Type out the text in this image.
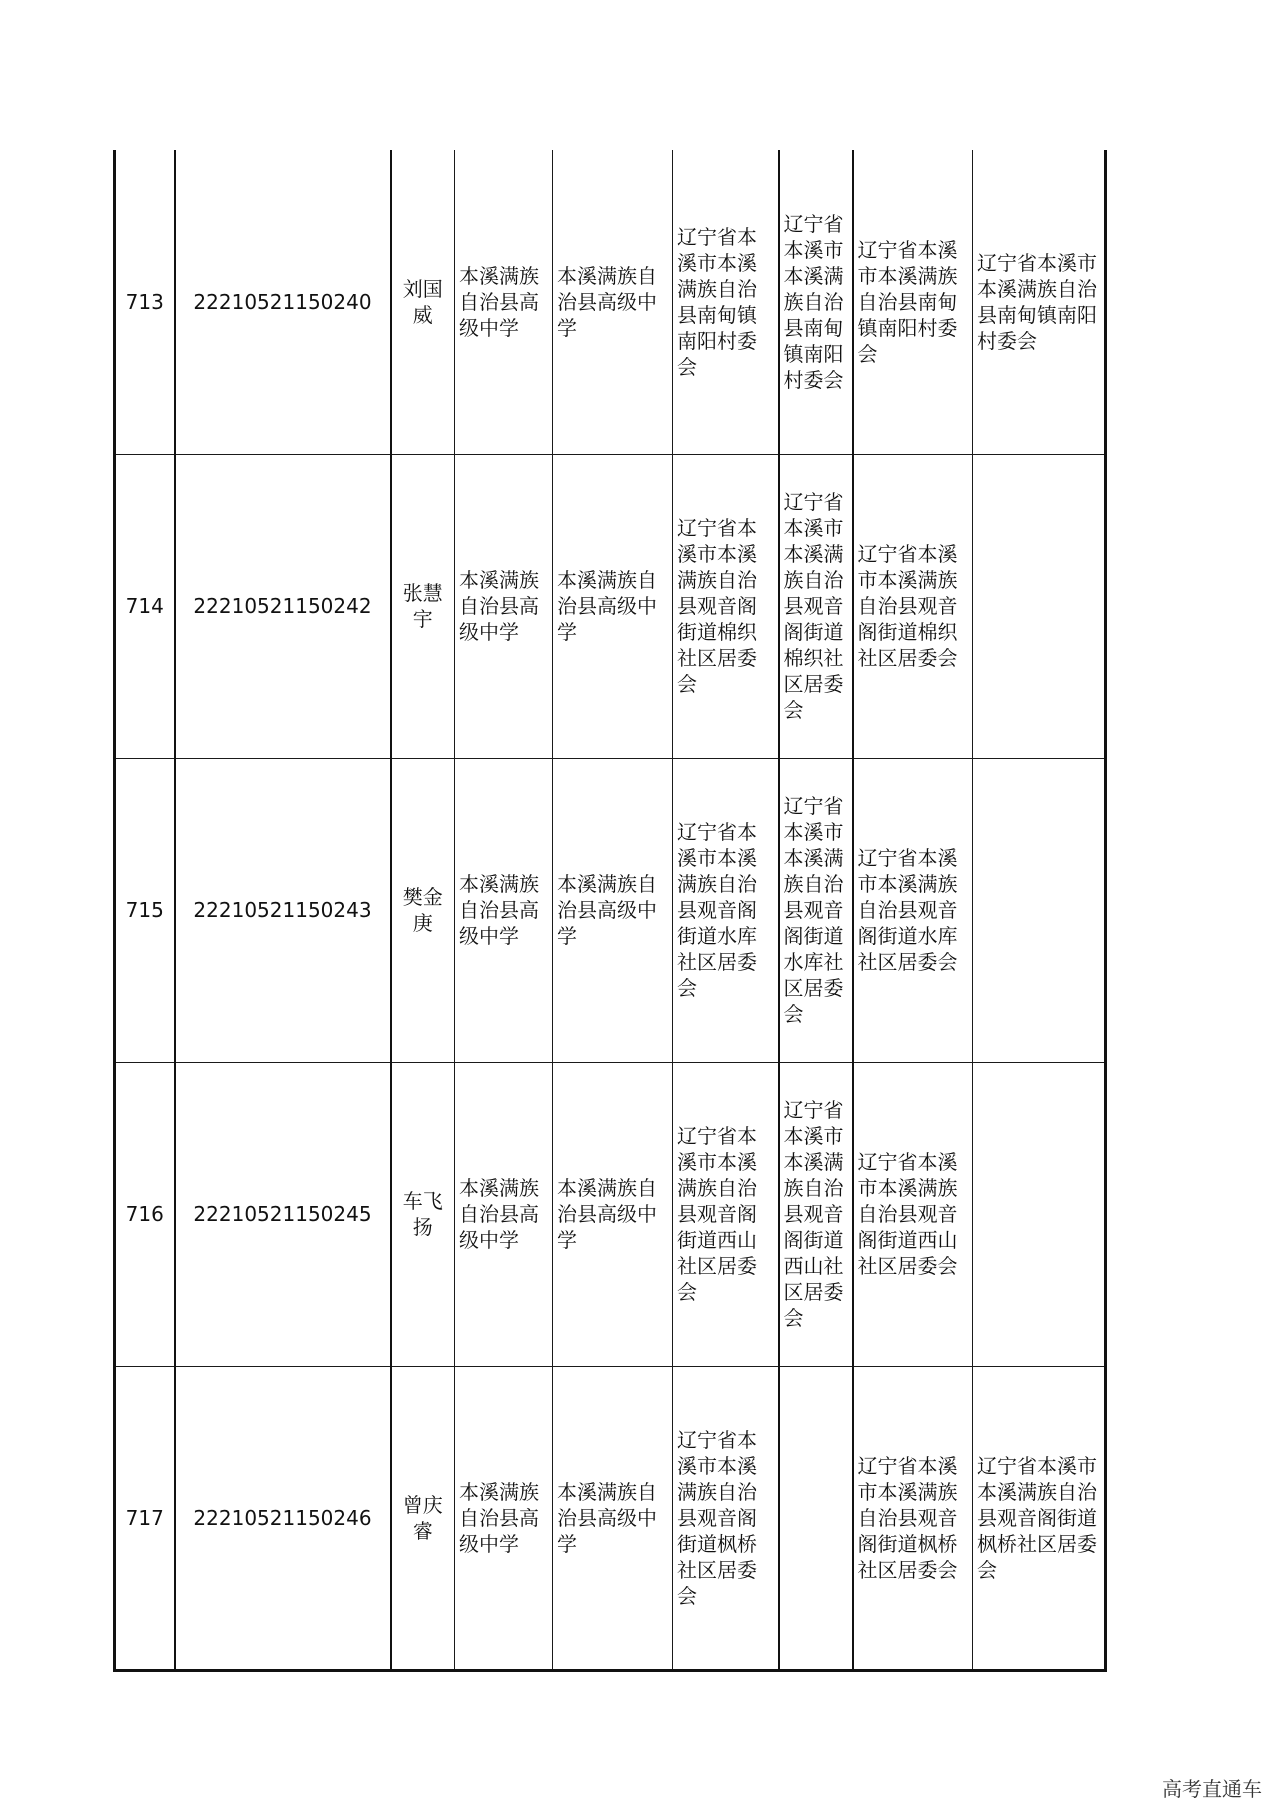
713	22210521150240	刘国威	本溪满族自治县高级中学	本溪满族自治县高级中学	辽宁省本溪市本溪满族自治县南甸镇南阳村委会	辽宁省本溪市本溪满族自治县南甸镇南阳村委会	辽宁省本溪市本溪满族自治县南甸镇南阳村委会	辽宁省本溪市本溪满族自治县南甸镇南阳村委会
714	22210521150242	张慧宇	本溪满族自治县高级中学	本溪满族自治县高级中学	辽宁省本溪市本溪满族自治县观音阁街道棉织社区居委会	辽宁省本溪市本溪满族自治县观音阁街道棉织社区居委会	辽宁省本溪市本溪满族自治县观音阁街道棉织社区居委会	
715	22210521150243	樊金庚	本溪满族自治县高级中学	本溪满族自治县高级中学	辽宁省本溪市本溪满族自治县观音阁街道水库社区居委会	辽宁省本溪市本溪满族自治县观音阁街道水库社区居委会	辽宁省本溪市本溪满族自治县观音阁街道水库社区居委会	
716	22210521150245	车飞扬	本溪满族自治县高级中学	本溪满族自治县高级中学	辽宁省本溪市本溪满族自治县观音阁街道西山社区居委会	辽宁省本溪市本溪满族自治县观音阁街道西山社区居委会	辽宁省本溪市本溪满族自治县观音阁街道西山社区居委会	
717	22210521150246	曾庆睿	本溪满族自治县高级中学	本溪满族自治县高级中学	辽宁省本溪市本溪满族自治县观音阁街道枫桥社区居委会		辽宁省本溪市本溪满族自治县观音阁街道枫桥社区居委会	辽宁省本溪市本溪满族自治县观音阁街道枫桥社区居委会
高考直通车
